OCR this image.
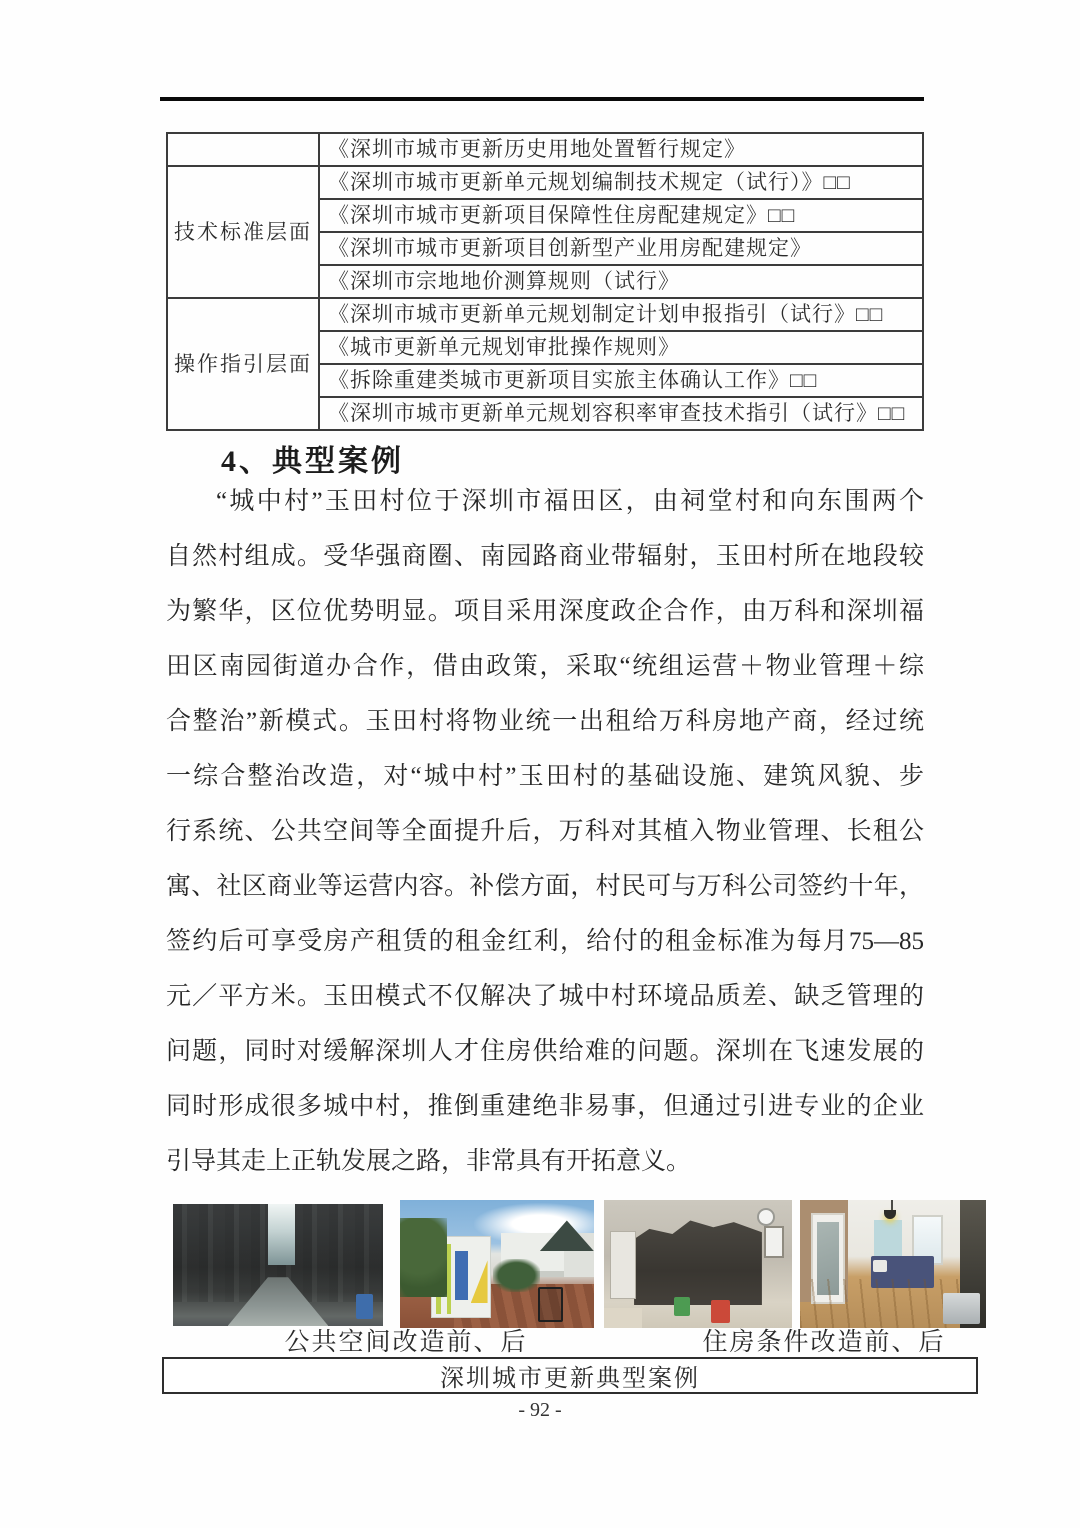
	《深圳市城市更新历史用地处置暂行规定》
技术标准层面	《深圳市城市更新单元规划编制技术规定（试行）》□□
	《深圳市城市更新项目保障性住房配建规定》□□
	《深圳市城市更新项目创新型产业用房配建规定》
	《深圳市宗地地价测算规则（试行》
操作指引层面	《深圳市城市更新单元规划制定计划申报指引（试行》□□
	《城市更新单元规划审批操作规则》
	《拆除重建类城市更新项目实旅主体确认工作》□□
	《深圳市城市更新单元规划容积率审查技术指引（试行》□□
4、典型案例
“城中村”玉田村位于深圳市福田区，由祠堂村和向东围两个
自然村组成。受华强商圈、南园路商业带辐射，玉田村所在地段较
为繁华，区位优势明显。项目采用深度政企合作，由万科和深圳福
田区南园街道办合作，借由政策，采取“统组运营＋物业管理＋综
合整治”新模式。玉田村将物业统一出租给万科房地产商，经过统
一综合整治改造，对“城中村”玉田村的基础设施、建筑风貌、步
行系统、公共空间等全面提升后，万科对其植入物业管理、长租公
寓、社区商业等运营内容。补偿方面，村民可与万科公司签约十年，
签约后可享受房产租赁的租金红利，给付的租金标准为每月75—85
元／平方米。玉田模式不仅解决了城中村环境品质差、缺乏管理的
问题，同时对缓解深圳人才住房供给难的问题。深圳在飞速发展的
同时形成很多城中村，推倒重建绝非易事，但通过引进专业的企业
引导其走上正轨发展之路，非常具有开拓意义。
公共空间改造前、后	住房条件改造前、后
深圳城市更新典型案例
- 92 -
